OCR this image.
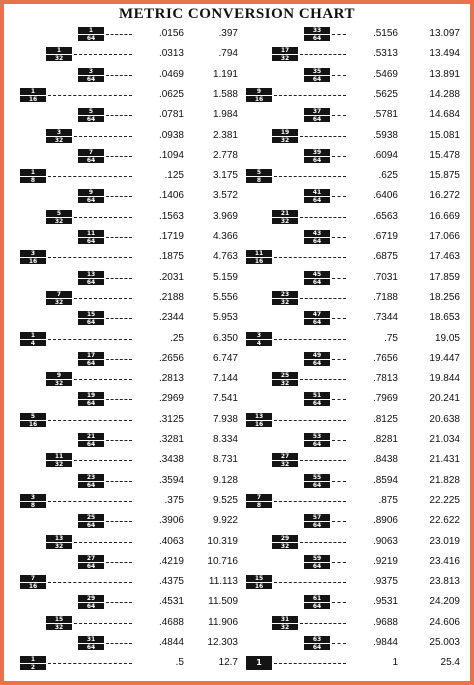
METRIC CONVERSION CHART
$\frac{1}{64}$	.0156	.397
$\frac{1}{32}$	.0313	.794
$\frac{3}{64}$	.0469	1.191
$\frac{1}{16}$	.0625	1.588
$\frac{5}{64}$	.0781	1.984
$\frac{3}{32}$	.0938	2.381
$\frac{7}{64}$	.1094	2.778
$\frac{1}{8}$	.125	3.175
$\frac{9}{64}$	.1406	3.572
$\frac{5}{32}$	.1563	3.969
$\frac{11}{64}$	.1719	4.366
$\frac{3}{16}$	.1875	4.763
$\frac{13}{64}$	.2031	5.159
$\frac{7}{32}$	.2188	5.556
$\frac{15}{64}$	.2344	5.953
$\frac{1}{4}$	.25	6.350
$\frac{17}{64}$	.2656	6.747
$\frac{9}{32}$	.2813	7.144
$\frac{19}{64}$	.2969	7.541
$\frac{5}{16}$	.3125	7.938
$\frac{21}{64}$	.3281	8.334
$\frac{11}{32}$	.3438	8.731
$\frac{23}{64}$	.3594	9.128
$\frac{3}{8}$	.375	9.525
$\frac{25}{64}$	.3906	9.922
$\frac{13}{32}$	.4063	10.319
$\frac{27}{64}$	.4219	10.716
$\frac{7}{16}$	.4375	11.113
$\frac{29}{64}$	.4531	11.509
$\frac{15}{32}$	.4688	11.906
$\frac{31}{64}$	.4844	12.303
$\frac{1}{2}$	.5	12.7
$\frac{33}{64}$	.5156	13.097
$\frac{17}{32}$	.5313	13.494
$\frac{35}{64}$	.5469	13.891
$\frac{9}{16}$	.5625	14.288
$\frac{37}{64}$	.5781	14.684
$\frac{19}{32}$	.5938	15.081
$\frac{39}{64}$	.6094	15.478
$\frac{5}{8}$	.625	15.875
$\frac{41}{64}$	.6406	16.272
$\frac{21}{32}$	.6563	16.669
$\frac{43}{64}$	.6719	17.066
$\frac{11}{16}$	.6875	17.463
$\frac{45}{64}$	.7031	17.859
$\frac{23}{32}$	.7188	18.256
$\frac{47}{64}$	.7344	18.653
$\frac{3}{4}$	.75	19.05
$\frac{49}{64}$	.7656	19.447
$\frac{25}{32}$	.7813	19.844
$\frac{51}{64}$	.7969	20.241
$\frac{13}{16}$	.8125	20.638
$\frac{53}{64}$	.8281	21.034
$\frac{27}{32}$	.8438	21.431
$\frac{55}{64}$	.8594	21.828
$\frac{7}{8}$	.875	22.225
$\frac{57}{64}$	.8906	22.622
$\frac{29}{32}$	.9063	23.019
$\frac{59}{64}$	.9219	23.416
$\frac{15}{16}$	.9375	23.813
$\frac{61}{64}$	.9531	24.209
$\frac{31}{32}$	.9688	24.606
$\frac{63}{64}$	.9844	25.003
1	1	25.4
